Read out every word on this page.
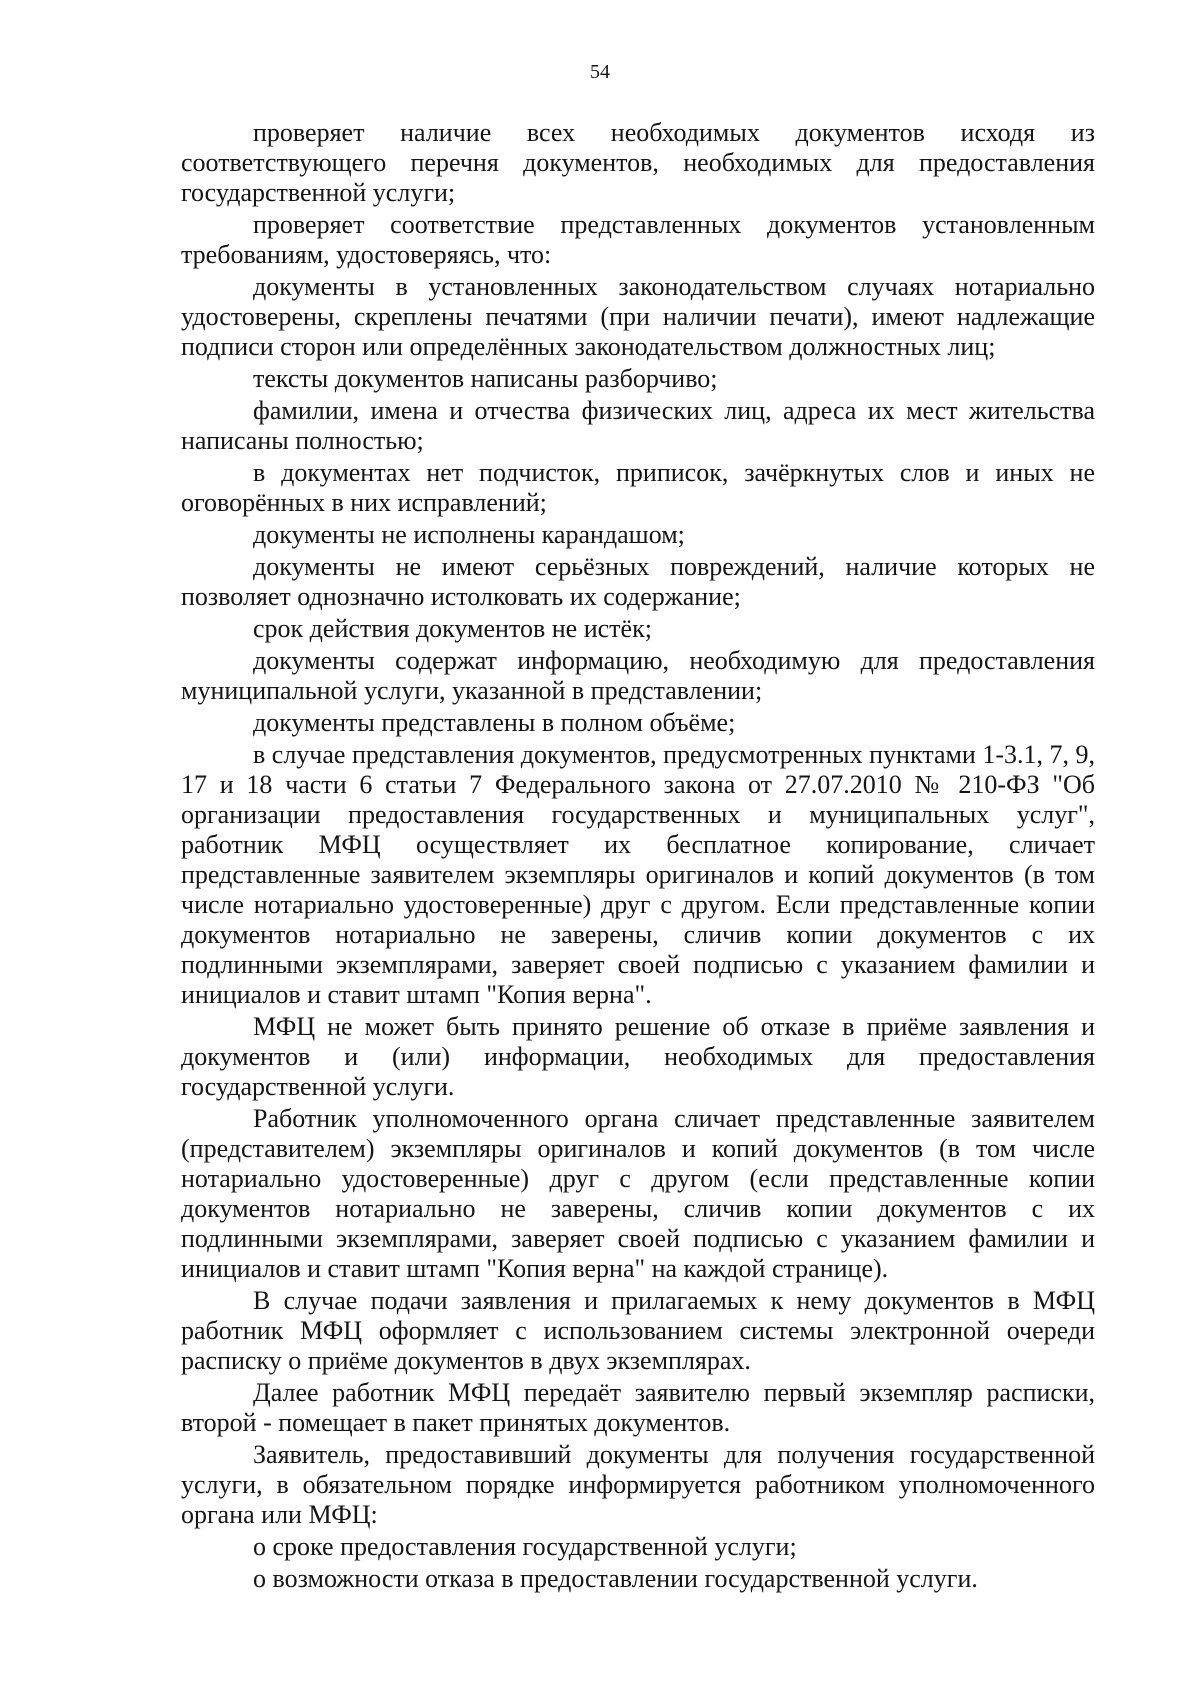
54

проверяет наличие всех необходимых документов исходя из соответствующего перечня документов, необходимых для предоставления государственной услуги;

проверяет соответствие представленных документов установленным требованиям, удостоверяясь, что:

документы в установленных законодательством случаях нотариально удостоверены, скреплены печатями (при наличии печати), имеют надлежащие подписи сторон или определённых законодательством должностных лиц;

тексты документов написаны разборчиво;

фамилии, имена и отчества физических лиц, адреса их мест жительства написаны полностью;

в документах нет подчисток, приписок, зачёркнутых слов и иных не оговорённых в них исправлений;

документы не исполнены карандашом;

документы не имеют серьёзных повреждений, наличие которых не позволяет однозначно истолковать их содержание;

срок действия документов не истёк;

документы содержат информацию, необходимую для предоставления муниципальной услуги, указанной в представлении;

документы представлены в полном объёме;

в случае представления документов, предусмотренных пунктами 1-3.1, 7, 9, 17 и 18 части 6 статьи 7 Федерального закона от 27.07.2010 № 210-ФЗ "Об организации предоставления государственных и муниципальных услуг", работник МФЦ осуществляет их бесплатное копирование, сличает представленные заявителем экземпляры оригиналов и копий документов (в том числе нотариально удостоверенные) друг с другом. Если представленные копии документов нотариально не заверены, сличив копии документов с их подлинными экземплярами, заверяет своей подписью с указанием фамилии и инициалов и ставит штамп "Копия верна".

МФЦ не может быть принято решение об отказе в приёме заявления и документов и (или) информации, необходимых для предоставления государственной услуги.

Работник уполномоченного органа сличает представленные заявителем (представителем) экземпляры оригиналов и копий документов (в том числе нотариально удостоверенные) друг с другом (если представленные копии документов нотариально не заверены, сличив копии документов с их подлинными экземплярами, заверяет своей подписью с указанием фамилии и инициалов и ставит штамп "Копия верна" на каждой странице).

В случае подачи заявления и прилагаемых к нему документов в МФЦ работник МФЦ оформляет с использованием системы электронной очереди расписку о приёме документов в двух экземплярах.

Далее работник МФЦ передаёт заявителю первый экземпляр расписки, второй - помещает в пакет принятых документов.

Заявитель, предоставивший документы для получения государственной услуги, в обязательном порядке информируется работником уполномоченного органа или МФЦ:

о сроке предоставления государственной услуги;

о возможности отказа в предоставлении государственной услуги.
